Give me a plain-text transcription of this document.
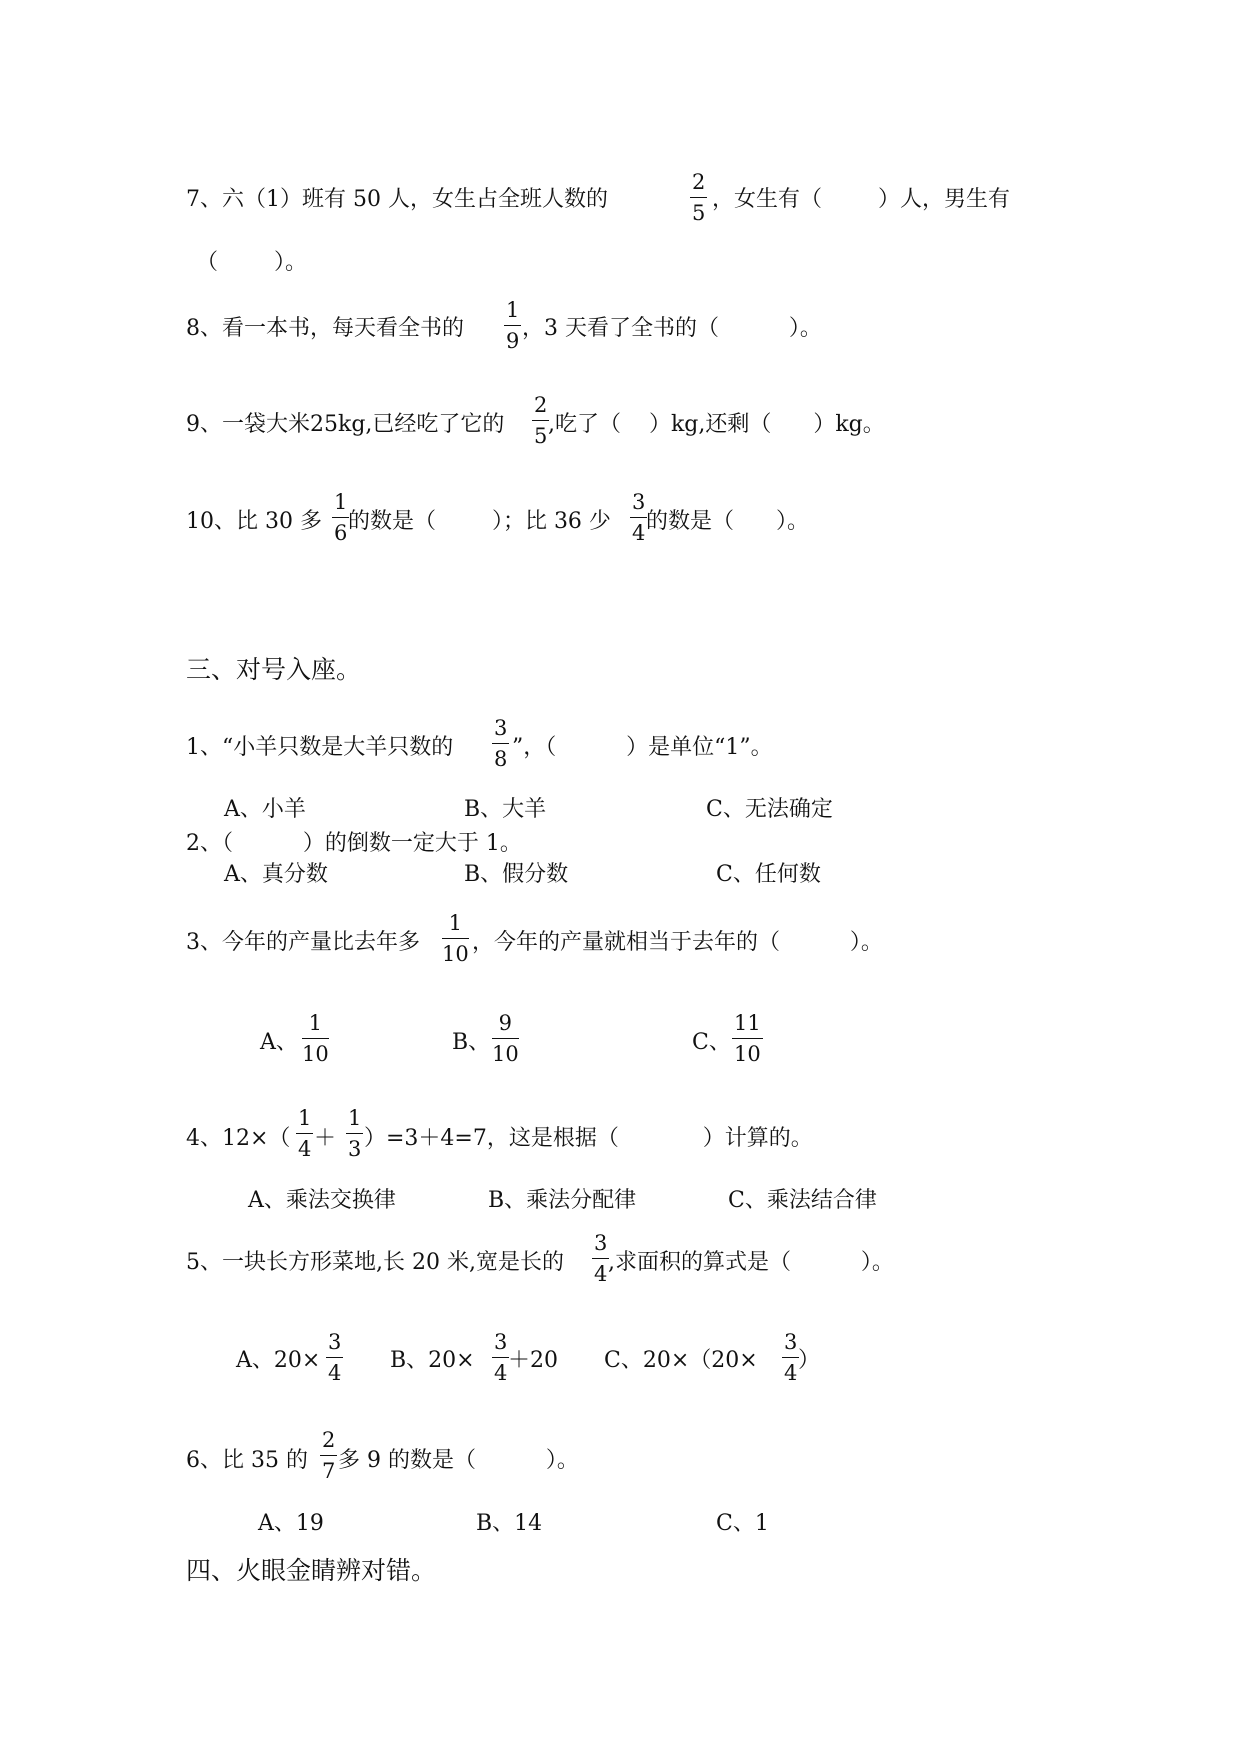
7、六（1）班有 50 人，女生占全班人数的
2
5
，女生有（        ）人，男生有
（        ）。
8、看一本书，每天看全书的
1
9 ，3 天看了全书的（          ）。
9、一袋大米25kg,已经吃了它的
2
5 ,吃了（    ）kg,还剩（      ）kg。
10、比 30 多
1
6 的数是（        ）；比 36 少
3
4 的数是（      ）。
三、对号入座。
1、“小羊只数是大羊只数的
3
8 ”，（          ）是单位“1”。
A、小羊	B、大羊	C、无法确定
2、（          ）的倒数一定大于 1。
A、真分数	B、假分数	C、任何数
3、今年的产量比去年多
1
10 ，今年的产量就相当于去年的（          ）。
A、
1
10	B、
9
10	C、
11
10
4、12×（
1
4 ＋
1
3 ）=3＋4=7，这是根据（            ）计算的。
A、乘法交换律	B、乘法分配律	C、乘法结合律
5、一块长方形菜地,长 20 米,宽是长的
3
4 ,求面积的算式是（          ）。
A、20×
3
4 B、20×
3
4 ＋20 C、20×（20×
3
4 ）
6、比 35 的
2
7 多 9 的数是（          ）。
A、19	B、14	C、1
四、火眼金睛辨对错。
